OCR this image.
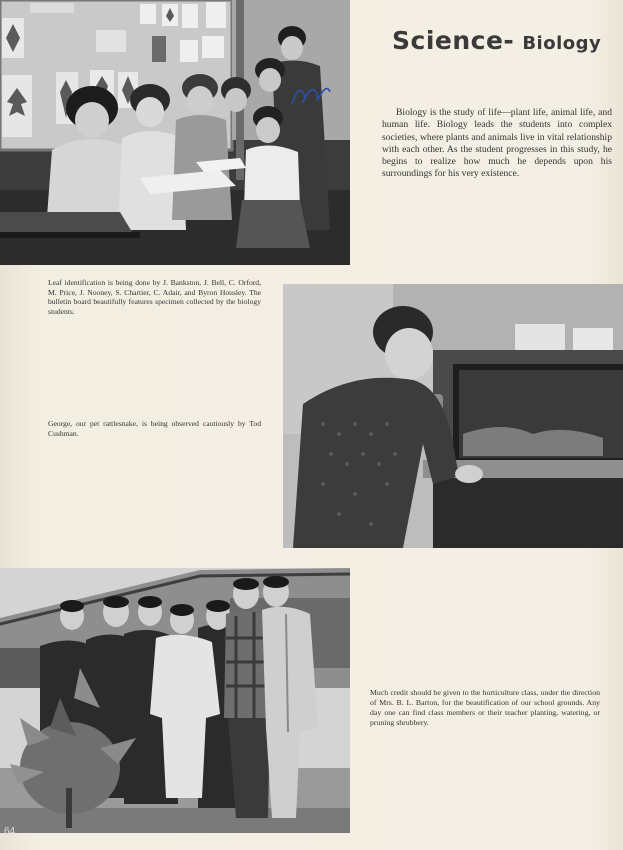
Science- Biology
Biology is the study of life—plant life, animal life, and human life. Biology leads the students into complex societies, where plants and animals live in vital relationship with each other. As the student progresses in this study, he begins to realize how much he depends upon his surroundings for his very existence.
Leaf identification is being done by J. Bankston, J. Bell, C. Orford, M. Price, J. Nooney, S. Chartier, C. Adair, and Byron Housley. The bulletin board beautifully features specimen collected by the biology students.
George, our pet rattlesnake, is being observed cautiously by Tod Cushman.
Much credit should be given to the horticulture class, under the direction of Mrs. B. L. Barton, for the beautification of our school grounds. Any day one can find class members or their teacher planting, watering, or pruning shrubbery.
64
